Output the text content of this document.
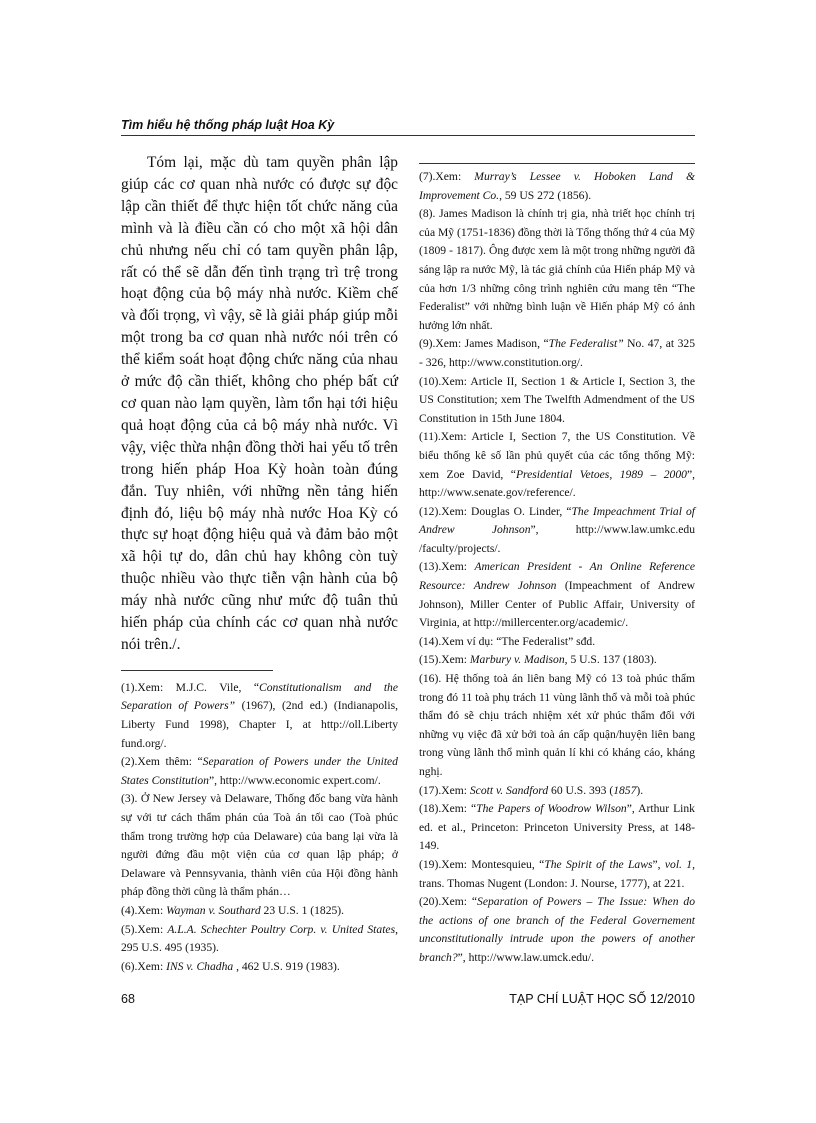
Tìm hiểu hệ thống pháp luật Hoa Kỳ

Tóm lại, mặc dù tam quyền phân lập giúp các cơ quan nhà nước có được sự độc lập cần thiết để thực hiện tốt chức năng của mình và là điều cần có cho một xã hội dân chủ nhưng nếu chỉ có tam quyền phân lập, rất có thể sẽ dẫn đến tình trạng trì trệ trong hoạt động của bộ máy nhà nước. Kiềm chế và đối trọng, vì vậy, sẽ là giải pháp giúp mỗi một trong ba cơ quan nhà nước nói trên có thể kiểm soát hoạt động chức năng của nhau ở mức độ cần thiết, không cho phép bất cứ cơ quan nào lạm quyền, làm tổn hại tới hiệu quả hoạt động của cả bộ máy nhà nước. Vì vậy, việc thừa nhận đồng thời hai yếu tố trên trong hiến pháp Hoa Kỳ hoàn toàn đúng đắn. Tuy nhiên, với những nền tảng hiến định đó, liệu bộ máy nhà nước Hoa Kỳ có thực sự hoạt động hiệu quả và đảm bảo một xã hội tự do, dân chủ hay không còn tuỳ thuộc nhiều vào thực tiễn vận hành của bộ máy nhà nước cũng như mức độ tuân thủ hiến pháp của chính các cơ quan nhà nước nói trên./.

(1).Xem: M.J.C. Vile, “Constitutionalism and the Separation of Powers” (1967), (2nd ed.) (Indianapolis, Liberty Fund 1998), Chapter I, at http://oll.Liberty fund.org/.
(2).Xem thêm: “Separation of Powers under the United States Constitution”, http://www.economic expert.com/.
(3). Ở New Jersey và Delaware, Thống đốc bang vừa hành sự với tư cách thẩm phán của Toà án tối cao (Toà phúc thẩm trong trường hợp của Delaware) của bang lại vừa là người đứng đầu một viện của cơ quan lập pháp; ở Delaware và Pennsyvania, thành viên của Hội đồng hành pháp đồng thời cũng là thẩm phán…
(4).Xem: Wayman v. Southard 23 U.S. 1 (1825).
(5).Xem: A.L.A. Schechter Poultry Corp. v. United States, 295 U.S. 495 (1935).
(6).Xem: INS v. Chadha , 462 U.S. 919 (1983).
(7).Xem: Murray’s Lessee v. Hoboken Land & Improvement Co., 59 US 272 (1856).
(8). James Madison là chính trị gia, nhà triết học chính trị của Mỹ (1751-1836) đồng thời là Tổng thống thứ 4 của Mỹ (1809 - 1817). Ông được xem là một trong những người đã sáng lập ra nước Mỹ, là tác giả chính của Hiến pháp Mỹ và của hơn 1/3 những công trình nghiên cứu mang tên “The Federalist” với những bình luận về Hiến pháp Mỹ có ảnh hưởng lớn nhất.
(9).Xem: James Madison, “The Federalist” No. 47, at 325 - 326, http://www.constitution.org/.
(10).Xem: Article II, Section 1 & Article I, Section 3, the US Constitution; xem The Twelfth Admendment of the US Constitution in 15th June 1804.
(11).Xem: Article I, Section 7, the US Constitution. Về biểu thống kê số lần phủ quyết của các tổng thống Mỹ: xem Zoe David, “Presidential Vetoes, 1989 – 2000”, http://www.senate.gov/reference/.
(12).Xem: Douglas O. Linder, “The Impeachment Trial of Andrew Johnson”, http://www.law.umkc.edu /faculty/projects/.
(13).Xem: American President - An Online Reference Resource: Andrew Johnson (Impeachment of Andrew Johnson), Miller Center of Public Affair, University of Virginia, at http://millercenter.org/academic/.
(14).Xem ví dụ: “The Federalist” sđd.
(15).Xem: Marbury v. Madison, 5 U.S. 137 (1803).
(16). Hệ thống toà án liên bang Mỹ có 13 toà phúc thẩm trong đó 11 toà phụ trách 11 vùng lãnh thổ và mỗi toà phúc thẩm đó sẽ chịu trách nhiệm xét xử phúc thẩm đối với những vụ việc đã xử bởi toà án cấp quận/huyện liên bang trong vùng lãnh thổ mình quản lí khi có kháng cáo, kháng nghị.
(17).Xem: Scott v. Sandford 60 U.S. 393 (1857).
(18).Xem: “The Papers of Woodrow Wilson”, Arthur Link ed. et al., Princeton: Princeton University Press, at 148-149.
(19).Xem: Montesquieu, “The Spirit of the Laws”, vol. 1, trans. Thomas Nugent (London: J. Nourse, 1777), at 221.
(20).Xem: “Separation of Powers – The Issue: When do the actions of one branch of the Federal Governement unconstitutionally intrude upon the powers of another branch?”, http://www.law.umck.edu/.

68	TẠP CHÍ LUẬT HỌC SỐ 12/2010
